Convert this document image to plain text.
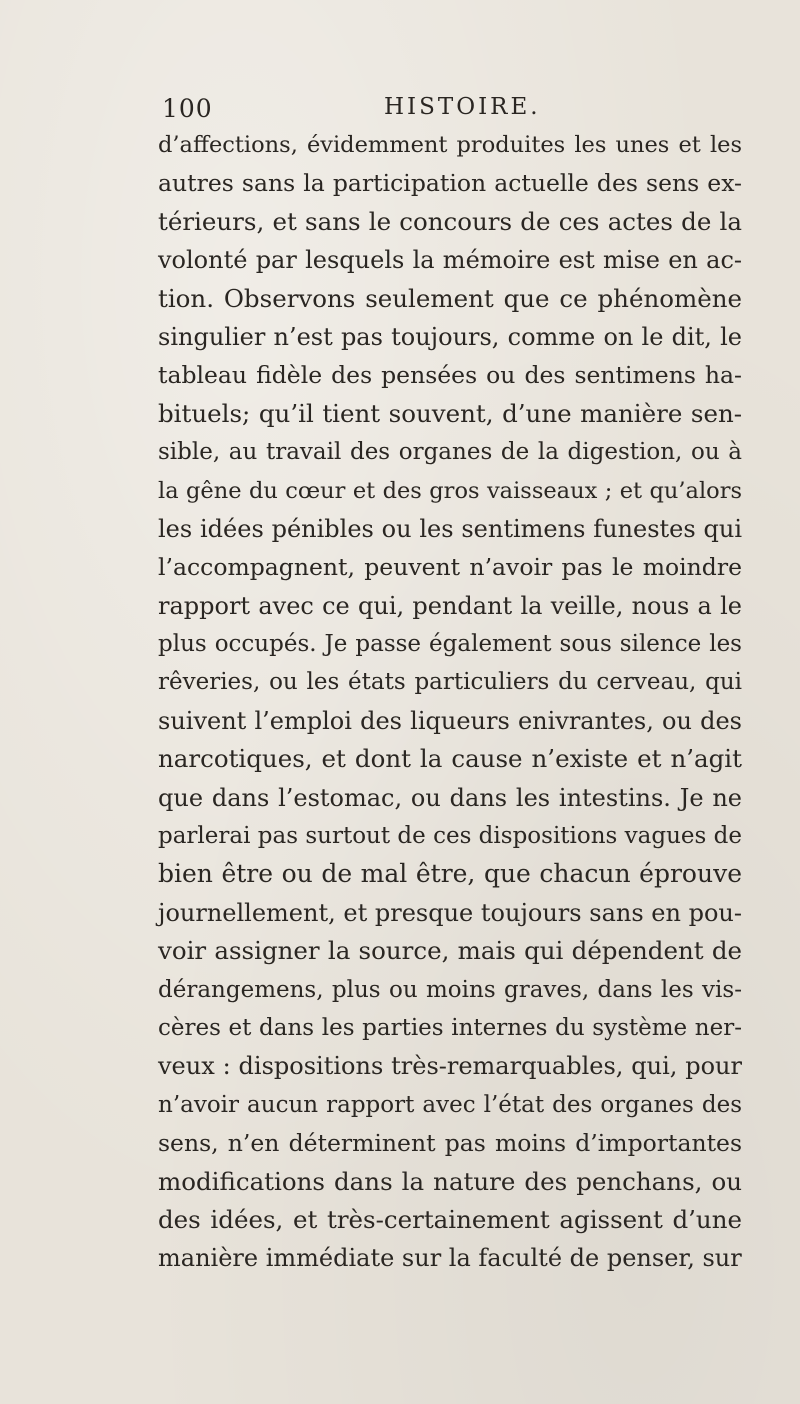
100	HISTOIRE.
d’affections, évidemment produites les unes et les
autres sans la participation actuelle des sens ex-
térieurs, et sans le concours de ces actes de la
volonté par lesquels la mémoire est mise en ac-
tion. Observons seulement que ce phénomène
singulier n’est pas toujours, comme on le dit, le
tableau fidèle des pensées ou des sentimens ha-
bituels; qu’il tient souvent, d’une manière sen-
sible, au travail des organes de la digestion, ou à
la gêne du cœur et des gros vaisseaux ; et qu’alors
les idées pénibles ou les sentimens funestes qui
l’accompagnent, peuvent n’avoir pas le moindre
rapport avec ce qui, pendant la veille, nous a le
plus occupés. Je passe également sous silence les
rêveries, ou les états particuliers du cerveau, qui
suivent l’emploi des liqueurs enivrantes, ou des
narcotiques, et dont la cause n’existe et n’agit
que dans l’estomac, ou dans les intestins. Je ne
parlerai pas surtout de ces dispositions vagues de
bien être ou de mal être, que chacun éprouve
journellement, et presque toujours sans en pou-
voir assigner la source, mais qui dépendent de
dérangemens, plus ou moins graves, dans les vis-
cères et dans les parties internes du système ner-
veux : dispositions très-remarquables, qui, pour
n’avoir aucun rapport avec l’état des organes des
sens, n’en déterminent pas moins d’importantes
modifications dans la nature des penchans, ou
des idées, et très-certainement agissent d’une
manière immédiate sur la faculté de penser, sur
